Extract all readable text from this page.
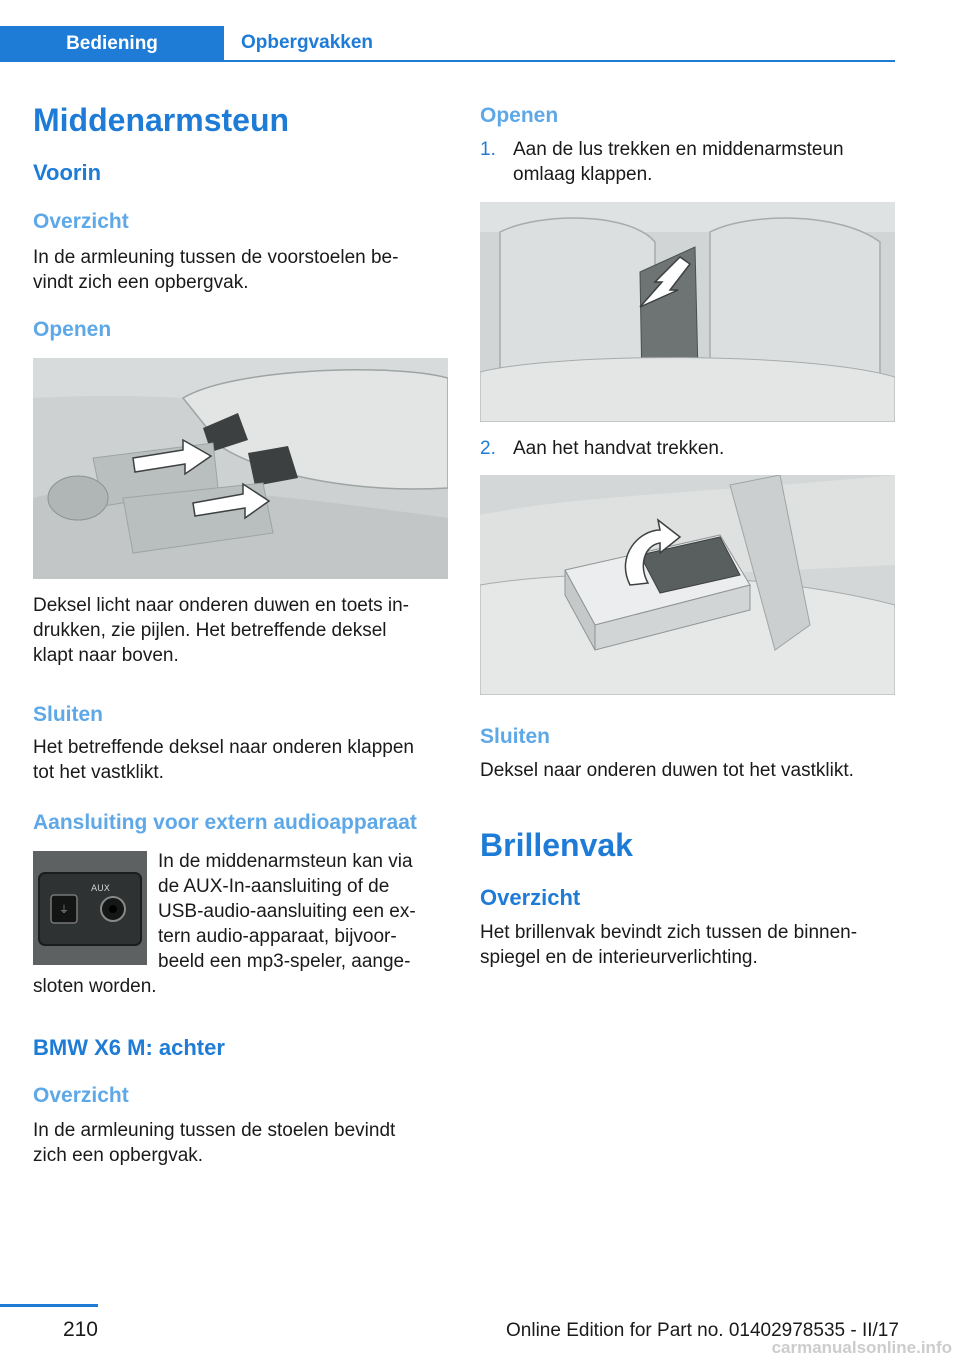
Bediening	Opbergvakken
Middenarmsteun
Voorin
Overzicht
In de armleuning tussen de voorstoelen be‐
vindt zich een opbergvak.
Openen
Deksel licht naar onderen duwen en toets in‐
drukken, zie pijlen. Het betreffende deksel
klapt naar boven.
Sluiten
Het betreffende deksel naar onderen klappen
tot het vastklikt.
Aansluiting voor extern audioapparaat
⏚
AUX
In de middenarmsteun kan via
de AUX-In-aansluiting of de
USB-audio-aansluiting een ex‐
tern audio-apparaat, bijvoor‐
beeld een mp3-speler, aange‐
sloten worden.
BMW X6 M: achter
Overzicht
In de armleuning tussen de stoelen bevindt
zich een opbergvak.
Openen
1. Aan de lus trekken en middenarmsteun
omlaag klappen.
2. Aan het handvat trekken.
Sluiten
Deksel naar onderen duwen tot het vastklikt.
Brillenvak
Overzicht
Het brillenvak bevindt zich tussen de binnen‐
spiegel en de interieurverlichting.
210	Online Edition for Part no. 01402978535 - II/17
carmanualsonline.info
